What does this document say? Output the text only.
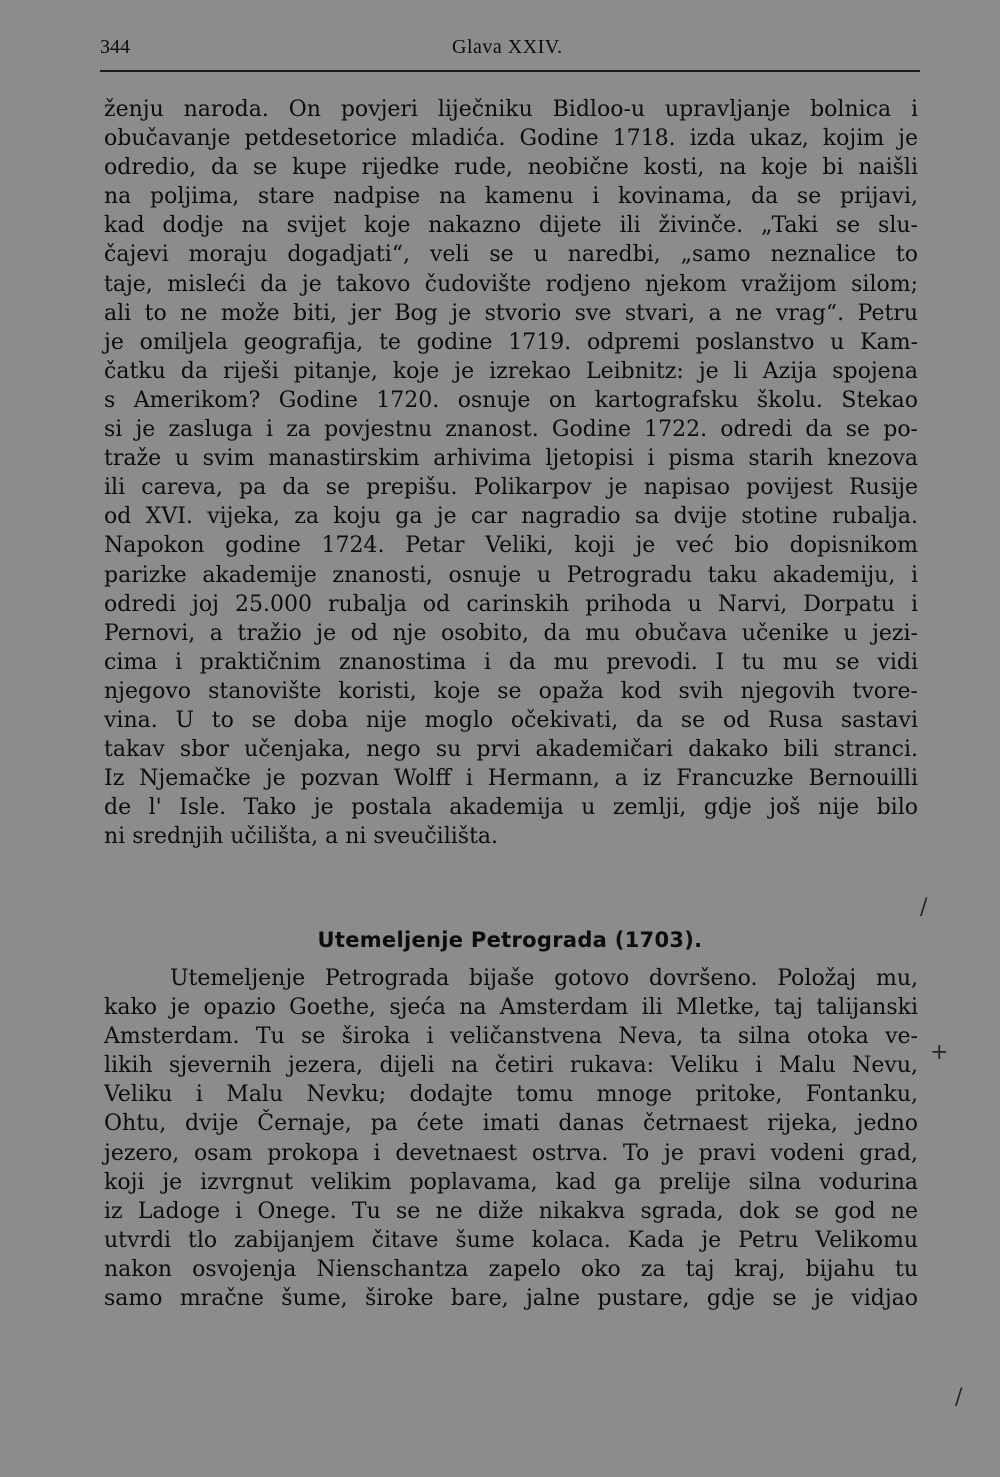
344	Glava XXIV.
ženju naroda. On povjeri liječniku Bidloo-u upravljanje bolnica i
obučavanje petdesetorice mladića. Godine 1718. izda ukaz, kojim je
odredio, da se kupe rijedke rude, neobične kosti, na koje bi naišli
na poljima, stare nadpise na kamenu i kovinama, da se prijavi,
kad dodje na svijet koje nakazno dijete ili živinče. „Taki se slu-
čajevi moraju dogadjati“, veli se u naredbi, „samo neznalice to
taje, misleći da je takovo čudovište rodjeno njekom vražijom silom;
ali to ne može biti, jer Bog je stvorio sve stvari, a ne vrag“. Petru
je omiljela geografija, te godine 1719. odpremi poslanstvo u Kam-
čatku da riješi pitanje, koje je izrekao Leibnitz: je li Azija spojena
s Amerikom? Godine 1720. osnuje on kartografsku školu. Stekao
si je zasluga i za povjestnu znanost. Godine 1722. odredi da se po-
traže u svim manastirskim arhivima ljetopisi i pisma starih knezova
ili careva, pa da se prepišu. Polikarpov je napisao povijest Rusije
od XVI. vijeka, za koju ga je car nagradio sa dvije stotine rubalja.
Napokon godine 1724. Petar Veliki, koji je već bio dopisnikom
parizke akademije znanosti, osnuje u Petrogradu taku akademiju, i
odredi joj 25.000 rubalja od carinskih prihoda u Narvi, Dorpatu i
Pernovi, a tražio je od nje osobito, da mu obučava učenike u jezi-
cima i praktičnim znanostima i da mu prevodi. I tu mu se vidi
njegovo stanovište koristi, koje se opaža kod svih njegovih tvore-
vina. U to se doba nije moglo očekivati, da se od Rusa sastavi
takav sbor učenjaka, nego su prvi akademičari dakako bili stranci.
Iz Njemačke je pozvan Wolff i Hermann, a iz Francuzke Bernouilli
de l' Isle. Tako je postala akademija u zemlji, gdje još nije bilo
ni srednjih učilišta, a ni sveučilišta.
Utemeljenje Petrograda (1703).
Utemeljenje Petrograda bijaše gotovo dovršeno. Položaj mu,
kako je opazio Goethe, sjeća na Amsterdam ili Mletke, taj talijanski
Amsterdam. Tu se široka i veličanstvena Neva, ta silna otoka ve-
likih sjevernih jezera, dijeli na četiri rukava: Veliku i Malu Nevu,
Veliku i Malu Nevku; dodajte tomu mnoge pritoke, Fontanku,
Ohtu, dvije Černaje, pa ćete imati danas četrnaest rijeka, jedno
jezero, osam prokopa i devetnaest ostrva. To je pravi vodeni grad,
koji je izvrgnut velikim poplavama, kad ga prelije silna vodurina
iz Ladoge i Onege. Tu se ne diže nikakva sgrada, dok se god ne
utvrdi tlo zabijanjem čitave šume kolaca. Kada je Petru Velikomu
nakon osvojenja Nienschantza zapelo oko za taj kraj, bijahu tu
samo mračne šume, široke bare, jalne pustare, gdje se je vidjao
+
/
/
